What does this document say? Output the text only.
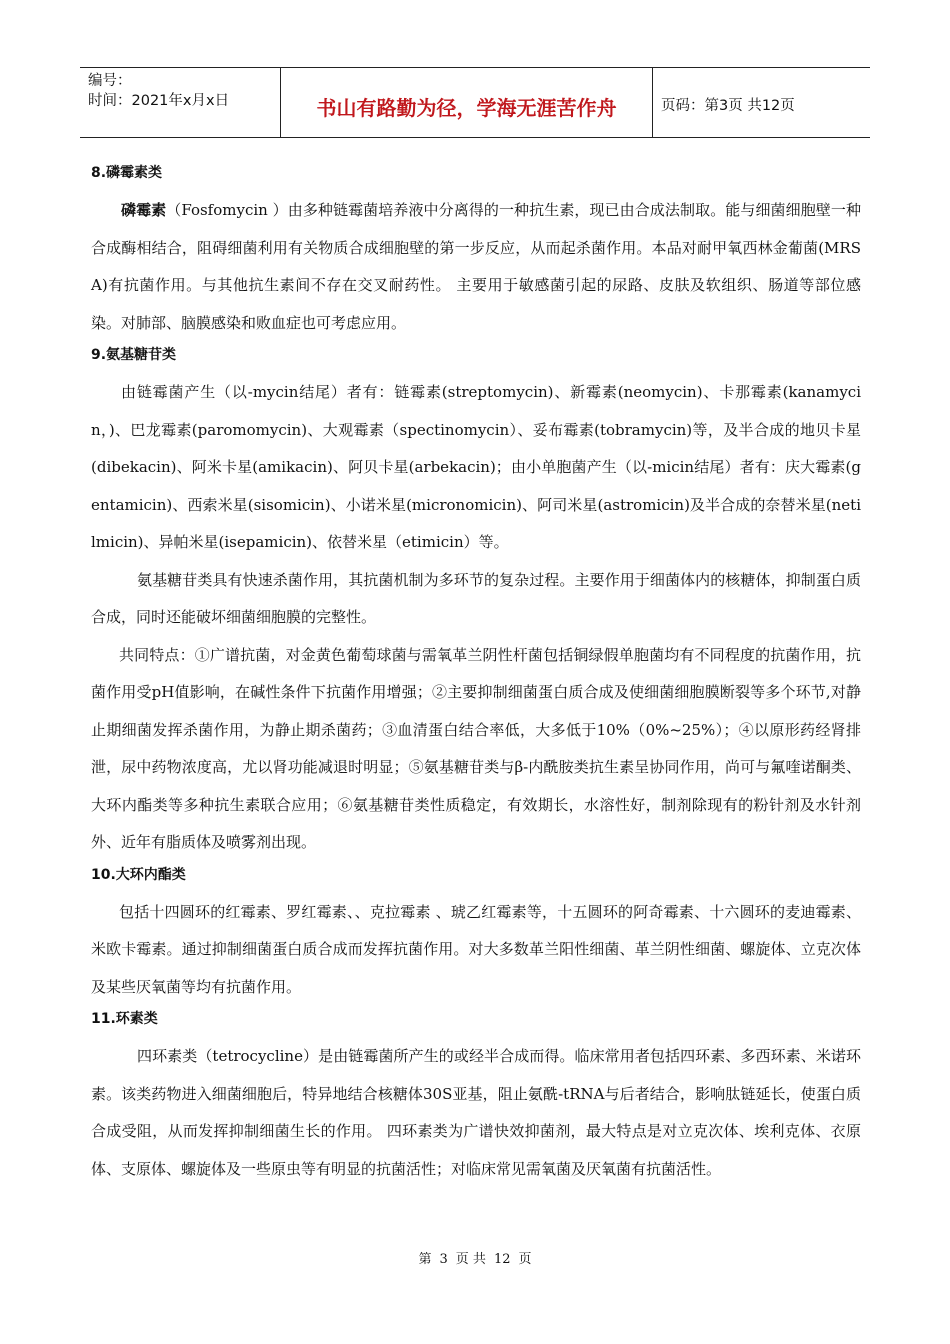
编号：
时间：2021年x月x日	书山有路勤为径，学海无涯苦作舟	页码：第3页 共12页

8.磷霉素类

磷霉素（Fosfomycin ）由多种链霉菌培养液中分离得的一种抗生素，现已由合成法制取。能与细菌细胞壁一种合成酶相结合，阻碍细菌利用有关物质合成细胞壁的第一步反应，从而起杀菌作用。本品对耐甲氧西林金葡菌(MRSA)有抗菌作用。与其他抗生素间不存在交叉耐药性。 主要用于敏感菌引起的尿路、皮肤及软组织、肠道等部位感染。对肺部、脑膜感染和败血症也可考虑应用。

9.氨基糖苷类

由链霉菌产生（以-mycin结尾）者有：链霉素(streptomycin)、新霉素(neomycin)、卡那霉素(kanamycin，)、巴龙霉素(paromomycin)、大观霉素（spectinomycin）、妥布霉素(tobramycin)等，及半合成的地贝卡星(dibekacin)、阿米卡星(amikacin)、阿贝卡星(arbekacin)；由小单胞菌产生（以-micin结尾）者有：庆大霉素(gentamicin)、西索米星(sisomicin)、小诺米星(micronomicin)、阿司米星(astromicin)及半合成的奈替米星(netilmicin)、异帕米星(isepamicin)、依替米星（etimicin）等。

氨基糖苷类具有快速杀菌作用，其抗菌机制为多环节的复杂过程。主要作用于细菌体内的核糖体，抑制蛋白质合成，同时还能破坏细菌细胞膜的完整性。

共同特点：①广谱抗菌，对金黄色葡萄球菌与需氧革兰阴性杆菌包括铜绿假单胞菌均有不同程度的抗菌作用，抗菌作用受pH值影响，在碱性条件下抗菌作用增强；②主要抑制细菌蛋白质合成及使细菌细胞膜断裂等多个环节,对静止期细菌发挥杀菌作用，为静止期杀菌药；③血清蛋白结合率低，大多低于10%（0%~25%）；④以原形药经肾排泄，尿中药物浓度高，尤以肾功能减退时明显；⑤氨基糖苷类与β-内酰胺类抗生素呈协同作用，尚可与氟喹诺酮类、大环内酯类等多种抗生素联合应用；⑥氨基糖苷类性质稳定，有效期长，水溶性好，制剂除现有的粉针剂及水针剂外、近年有脂质体及喷雾剂出现。

10.大环内酯类

包括十四圆环的红霉素、罗红霉素、、克拉霉素 、琥乙红霉素等，十五圆环的阿奇霉素、十六圆环的麦迪霉素、米欧卡霉素。通过抑制细菌蛋白质合成而发挥抗菌作用。对大多数革兰阳性细菌、革兰阴性细菌、螺旋体、立克次体及某些厌氧菌等均有抗菌作用。

11.环素类

四环素类（tetrocycline）是由链霉菌所产生的或经半合成而得。临床常用者包括四环素、多西环素、米诺环素。该类药物进入细菌细胞后，特异地结合核糖体30S亚基，阻止氨酰-tRNA与后者结合，影响肽链延长，使蛋白质合成受阻，从而发挥抑制细菌生长的作用。 四环素类为广谱快效抑菌剂，最大特点是对立克次体、埃利克体、衣原体、支原体、螺旋体及一些原虫等有明显的抗菌活性；对临床常见需氧菌及厌氧菌有抗菌活性。

第 3 页 共 12 页
